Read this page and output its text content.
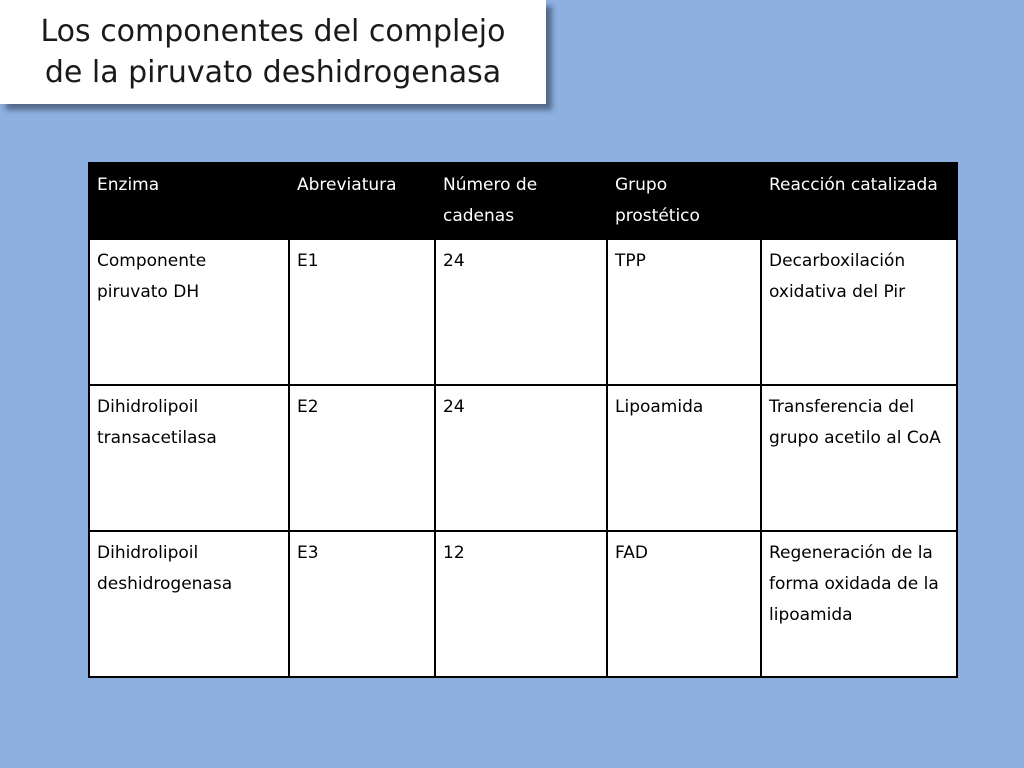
Los componentes del complejo
de la piruvato deshidrogenasa
Enzima	Abreviatura	Número de cadenas	Grupo prostético	Reacción catalizada
Componente piruvato DH	E1	24	TPP	Decarboxilación oxidativa del Pir
Dihidrolipoil transacetilasa	E2	24	Lipoamida	Transferencia del grupo acetilo al CoA
Dihidrolipoil deshidrogenasa	E3	12	FAD	Regeneración de la forma oxidada de la lipoamida
